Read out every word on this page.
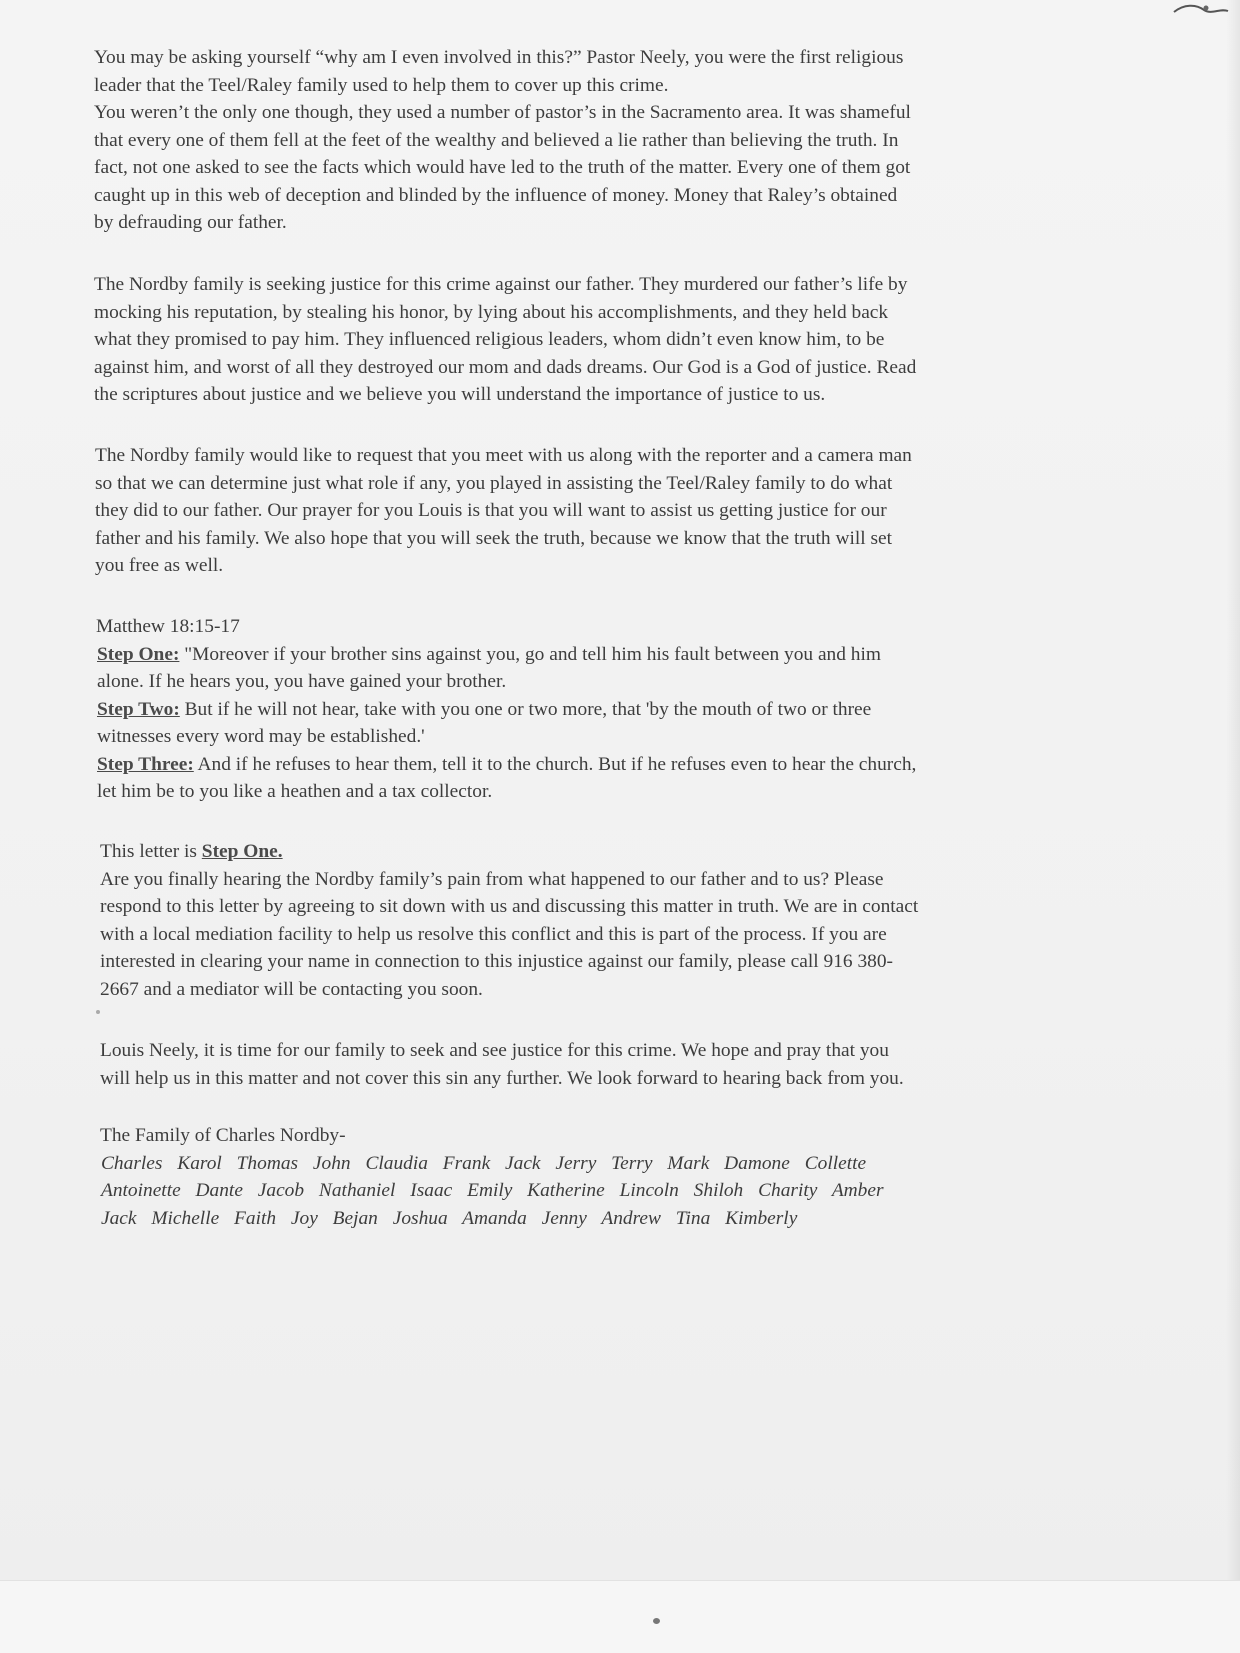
You may be asking yourself “why am I even involved in this?” Pastor Neely, you were the first religious
leader that the Teel/Raley family used to help them to cover up this crime.
You weren’t the only one though, they used a number of pastor’s in the Sacramento area. It was shameful
that every one of them fell at the feet of the wealthy and believed a lie rather than believing the truth. In
fact, not one asked to see the facts which would have led to the truth of the matter. Every one of them got
caught up in this web of deception and blinded by the influence of money. Money that Raley’s obtained
by defrauding our father.
The Nordby family is seeking justice for this crime against our father. They murdered our father’s life by
mocking his reputation, by stealing his honor, by lying about his accomplishments, and they held back
what they promised to pay him. They influenced religious leaders, whom didn’t even know him, to be
against him, and worst of all they destroyed our mom and dads dreams. Our God is a God of justice. Read
the scriptures about justice and we believe you will understand the importance of justice to us.
The Nordby family would like to request that you meet with us along with the reporter and a camera man
so that we can determine just what role if any, you played in assisting the Teel/Raley family to do what
they did to our father. Our prayer for you Louis is that you will want to assist us getting justice for our
father and his family. We also hope that you will seek the truth, because we know that the truth will set
you free as well.
Matthew 18:15-17
Step One: "Moreover if your brother sins against you, go and tell him his fault between you and him
alone. If he hears you, you have gained your brother.
Step Two: But if he will not hear, take with you one or two more, that 'by the mouth of two or three
witnesses every word may be established.'
Step Three: And if he refuses to hear them, tell it to the church. But if he refuses even to hear the church,
let him be to you like a heathen and a tax collector.
This letter is Step One.
Are you finally hearing the Nordby family’s pain from what happened to our father and to us? Please
respond to this letter by agreeing to sit down with us and discussing this matter in truth. We are in contact
with a local mediation facility to help us resolve this conflict and this is part of the process. If you are
interested in clearing your name in connection to this injustice against our family, please call 916 380-
2667 and a mediator will be contacting you soon.
Louis Neely, it is time for our family to seek and see justice for this crime. We hope and pray that you
will help us in this matter and not cover this sin any further. We look forward to hearing back from you.
The Family of Charles Nordby-
Charles Karol Thomas John Claudia Frank Jack Jerry Terry Mark Damone Collette
Antoinette Dante Jacob Nathaniel Isaac Emily Katherine Lincoln Shiloh Charity Amber
Jack Michelle Faith Joy Bejan Joshua Amanda Jenny Andrew Tina Kimberly
